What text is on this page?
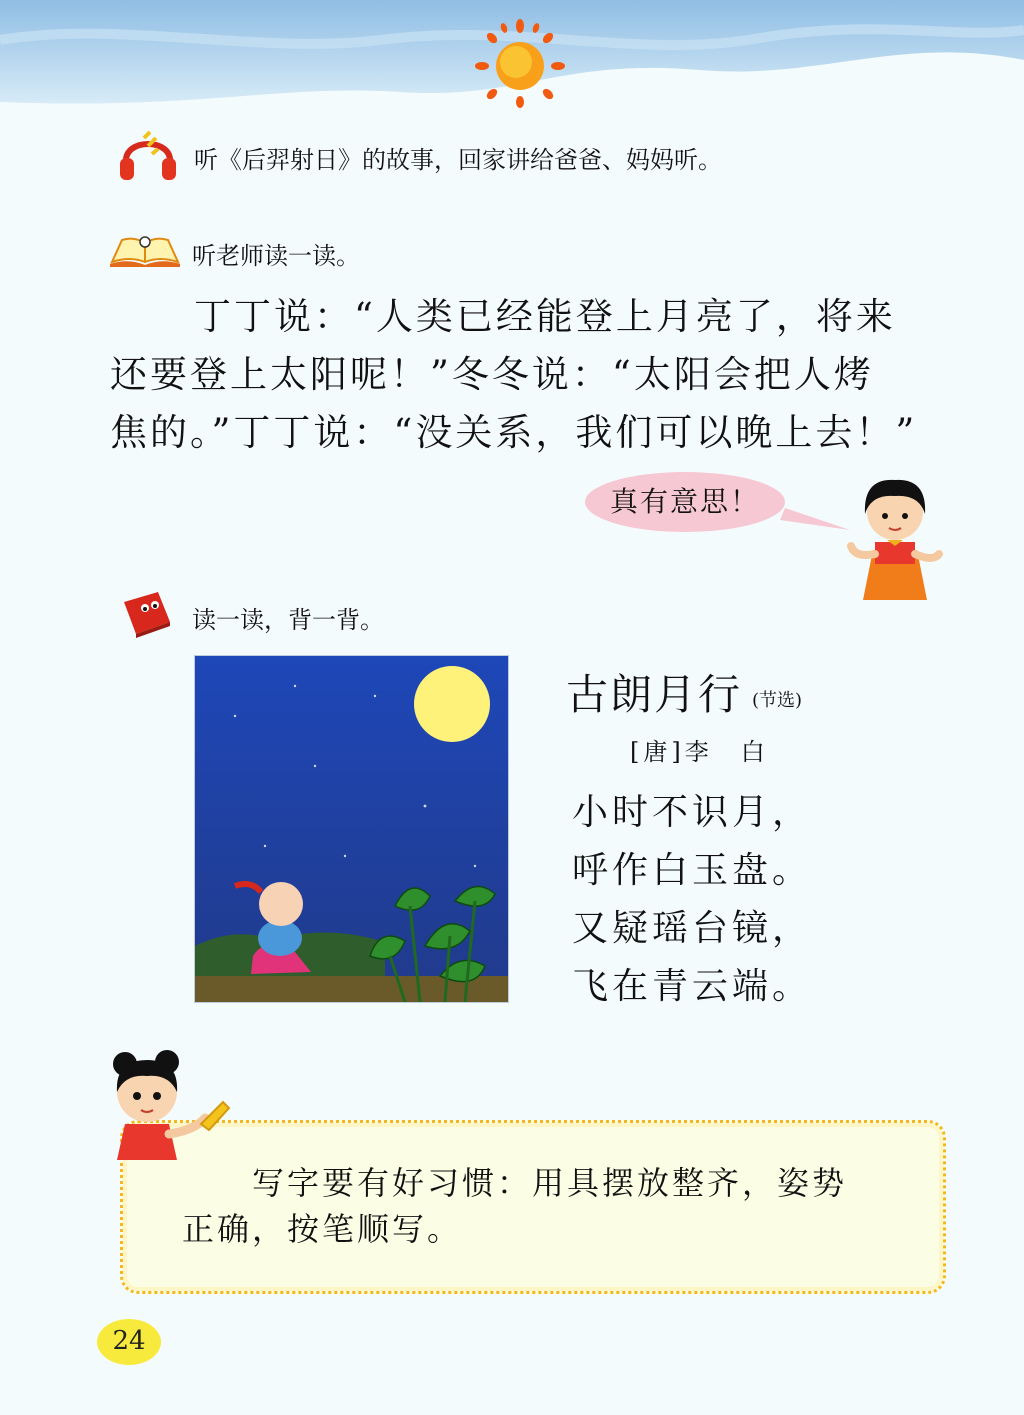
听《后羿射日》的故事，回家讲给爸爸、妈妈听。
听老师读一读。

丁丁说：“人类已经能登上月亮了，将来

还要登上太阳呢！”冬冬说：“太阳会把人烤

焦的。”丁丁说：“没关系，我们可以晚上去！”

真有意思！
读一读，背一背。
古朗月行 (节选)
[唐]李　白
小时不识月，
呼作白玉盘。
又疑瑶台镜，
飞在青云端。
写字要有好习惯：用具摆放整齐，姿势
正确，按笔顺写。
24
